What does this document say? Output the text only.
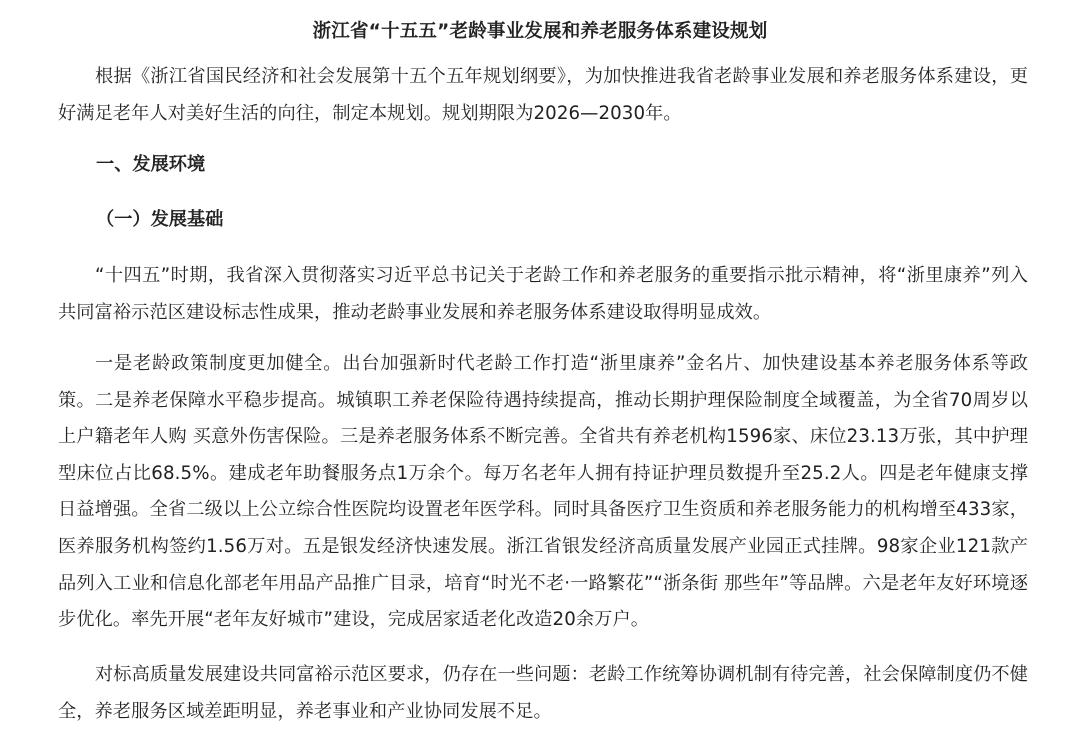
浙江省“十五五”老龄事业发展和养老服务体系建设规划

根据《浙江省国民经济和社会发展第十五个五年规划纲要》，为加快推进我省老龄事业发展和养老服务体系建设，更好满足老年人对美好生活的向往，制定本规划。规划期限为2026—2030年。

一、发展环境
（一）发展基础

“十四五”时期，我省深入贯彻落实习近平总书记关于老龄工作和养老服务的重要指示批示精神，将“浙里康养”列入共同富裕示范区建设标志性成果，推动老龄事业发展和养老服务体系建设取得明显成效。

一是老龄政策制度更加健全。出台加强新时代老龄工作打造“浙里康养”金名片、加快建设基本养老服务体系等政策。二是养老保障水平稳步提高。城镇职工养老保险待遇持续提高，推动长期护理保险制度全域覆盖，为全省70周岁以上户籍老年人购 买意外伤害保险。三是养老服务体系不断完善。全省共有养老机构1596家、床位23.13万张，其中护理型床位占比68.5%。建成老年助餐服务点1万余个。每万名老年人拥有持证护理员数提升至25.2人。四是老年健康支撑日益增强。全省二级以上公立综合性医院均设置老年医学科。同时具备医疗卫生资质和养老服务能力的机构增至433家，医养服务机构签约1.56万对。五是银发经济快速发展。浙江省银发经济高质量发展产业园正式挂牌。98家企业121款产品列入工业和信息化部老年用品产品推广目录，培育“时光不老·一路繁花”“浙条街 那些年”等品牌。六是老年友好环境逐步优化。率先开展“老年友好城市”建设，完成居家适老化改造20余万户。

对标高质量发展建设共同富裕示范区要求，仍存在一些问题：老龄工作统筹协调机制有待完善，社会保障制度仍不健全，养老服务区域差距明显，养老事业和产业协同发展不足。
